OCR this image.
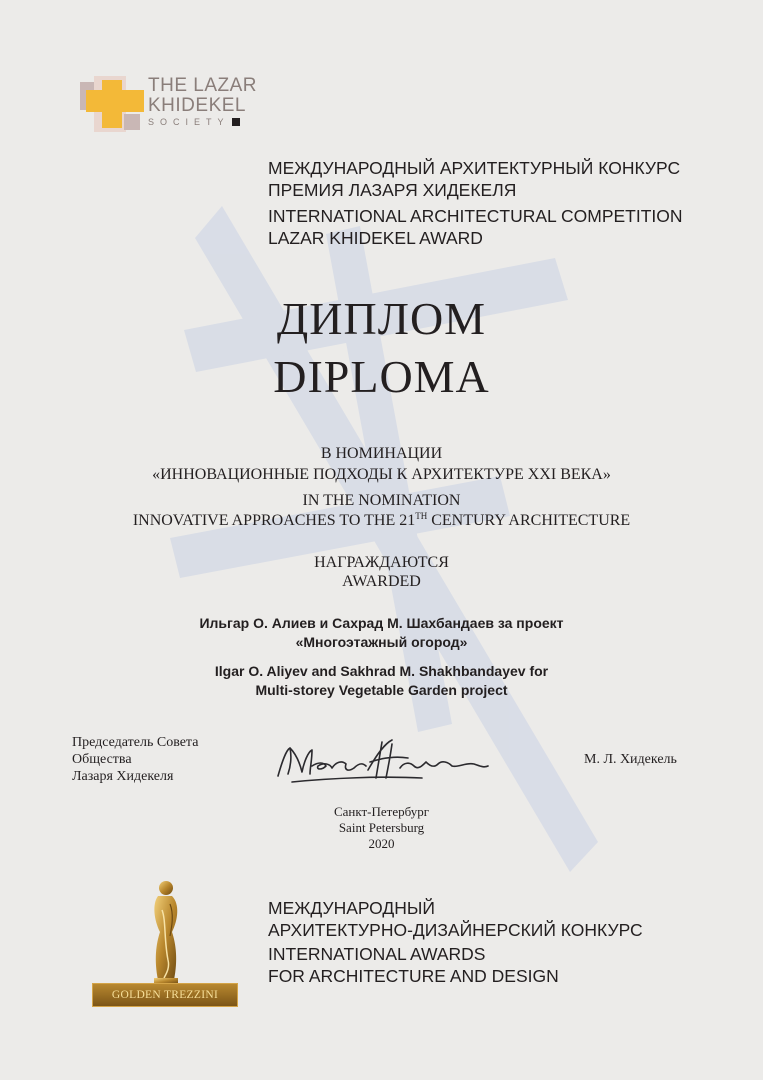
THE LAZAR
KHIDEKEL
SOCIETY
МЕЖДУНАРОДНЫЙ АРХИТЕКТУРНЫЙ КОНКУРС
ПРЕМИЯ ЛАЗАРЯ ХИДЕКЕЛЯ
INTERNATIONAL ARCHITECTURAL COMPETITION
LAZAR KHIDEKEL AWARD
ДИПЛОМ
DIPLOMA
В НОМИНАЦИИ
«ИННОВАЦИОННЫЕ ПОДХОДЫ К АРХИТЕКТУРЕ XXI ВЕКА»
IN THE NOMINATION
INNOVATIVE APPROACHES TO THE 21TH CENTURY ARCHITECTURE
НАГРАЖДАЮТСЯ
AWARDED
Ильгар О. Алиев и Сахрад М. Шахбандаев за проект
«Многоэтажный огород»
Ilgar O. Aliyev and Sakhrad M. Shakhbandayev for
Multi-storey Vegetable Garden project
Председатель Совета
Общества
Лазаря Хидекеля
М. Л. Хидекель
Санкт-Петербург
Saint Petersburg
2020
GOLDEN TREZZINI
МЕЖДУНАРОДНЫЙ
АРХИТЕКТУРНО-ДИЗАЙНЕРСКИЙ КОНКУРС
INTERNATIONAL AWARDS
FOR ARCHITECTURE AND DESIGN
